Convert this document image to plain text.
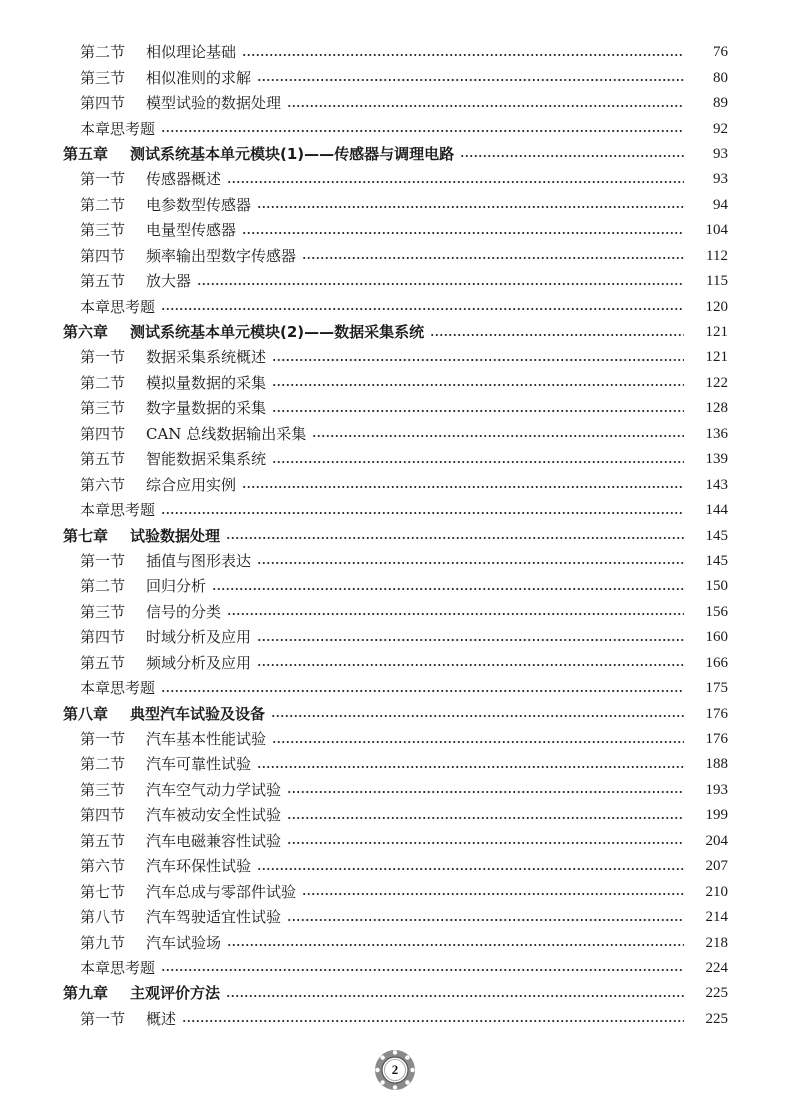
第二节	相似理论基础	76
第三节	相似准则的求解	80
第四节	模型试验的数据处理	89
本章思考题	92
第五章	测试系统基本单元模块(1)——传感器与调理电路	93
第一节	传感器概述	93
第二节	电参数型传感器	94
第三节	电量型传感器	104
第四节	频率输出型数字传感器	112
第五节	放大器	115
本章思考题	120
第六章	测试系统基本单元模块(2)——数据采集系统	121
第一节	数据采集系统概述	121
第二节	模拟量数据的采集	122
第三节	数字量数据的采集	128
第四节	CAN 总线数据输出采集	136
第五节	智能数据采集系统	139
第六节	综合应用实例	143
本章思考题	144
第七章	试验数据处理	145
第一节	插值与图形表达	145
第二节	回归分析	150
第三节	信号的分类	156
第四节	时域分析及应用	160
第五节	频域分析及应用	166
本章思考题	175
第八章	典型汽车试验及设备	176
第一节	汽车基本性能试验	176
第二节	汽车可靠性试验	188
第三节	汽车空气动力学试验	193
第四节	汽车被动安全性试验	199
第五节	汽车电磁兼容性试验	204
第六节	汽车环保性试验	207
第七节	汽车总成与零部件试验	210
第八节	汽车驾驶适宜性试验	214
第九节	汽车试验场	218
本章思考题	224
第九章	主观评价方法	225
第一节	概述	225
2
